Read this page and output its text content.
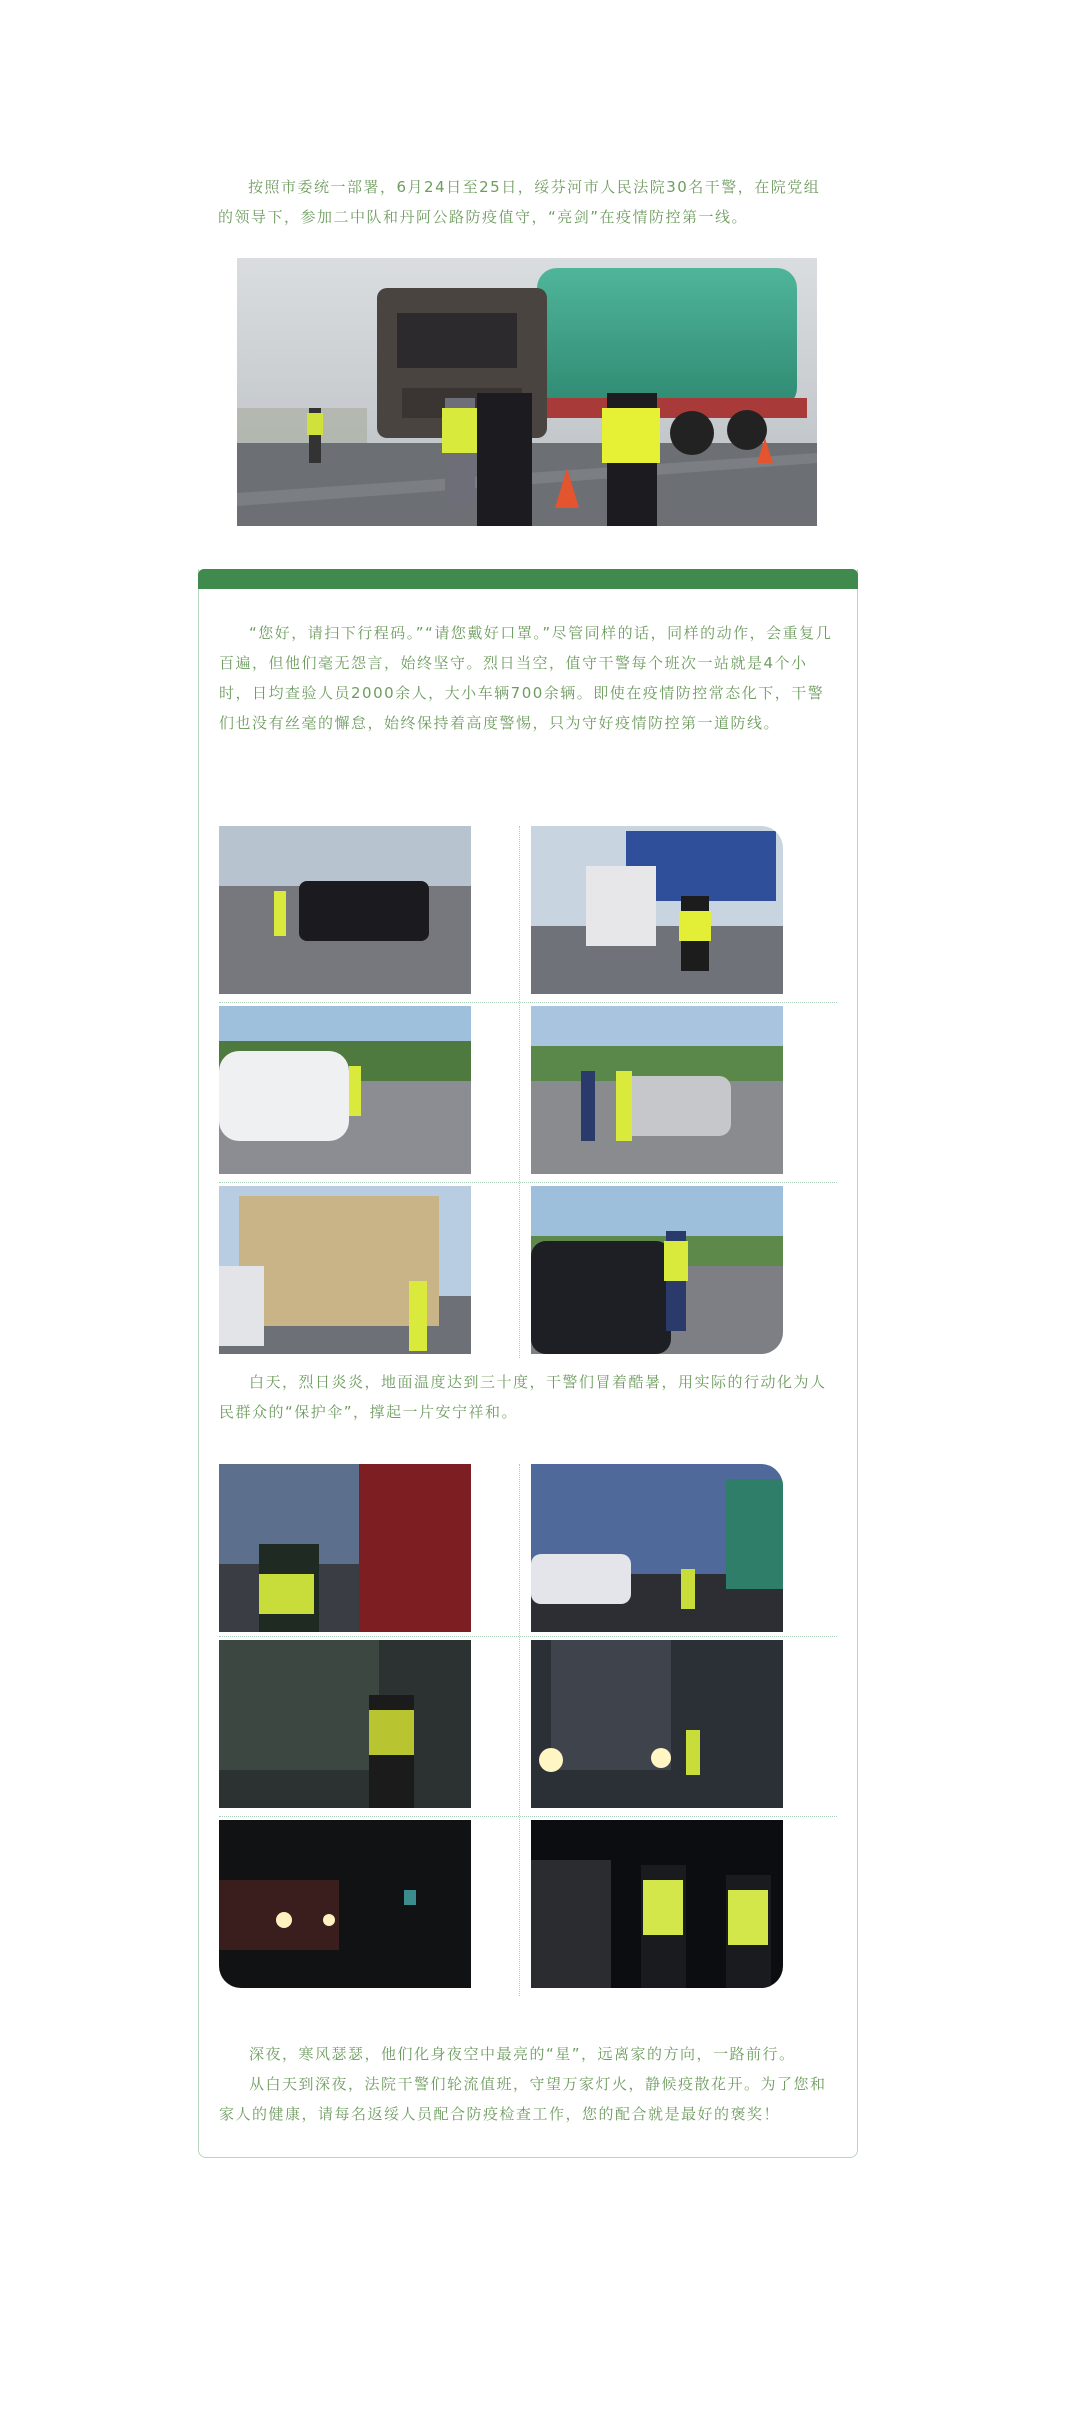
按照市委统一部署，6月24日至25日，绥芬河市人民法院30名干警，在院党组的领导下，参加二中队和丹阿公路防疫值守，“亮剑”在疫情防控第一线。

“您好，请扫下行程码。”“请您戴好口罩。”尽管同样的话，同样的动作，会重复几百遍，但他们毫无怨言，始终坚守。烈日当空，值守干警每个班次一站就是4个小时，日均查验人员2000余人，大小车辆700余辆。即使在疫情防控常态化下，干警们也没有丝毫的懈怠，始终保持着高度警惕，只为守好疫情防控第一道防线。

白天，烈日炎炎，地面温度达到三十度，干警们冒着酷暑，用实际的行动化为人民群众的“保护伞”，撑起一片安宁祥和。

深夜，寒风瑟瑟，他们化身夜空中最亮的“星”，远离家的方向，一路前行。

从白天到深夜，法院干警们轮流值班，守望万家灯火，静候疫散花开。为了您和家人的健康，请每名返绥人员配合防疫检查工作，您的配合就是最好的褒奖！
